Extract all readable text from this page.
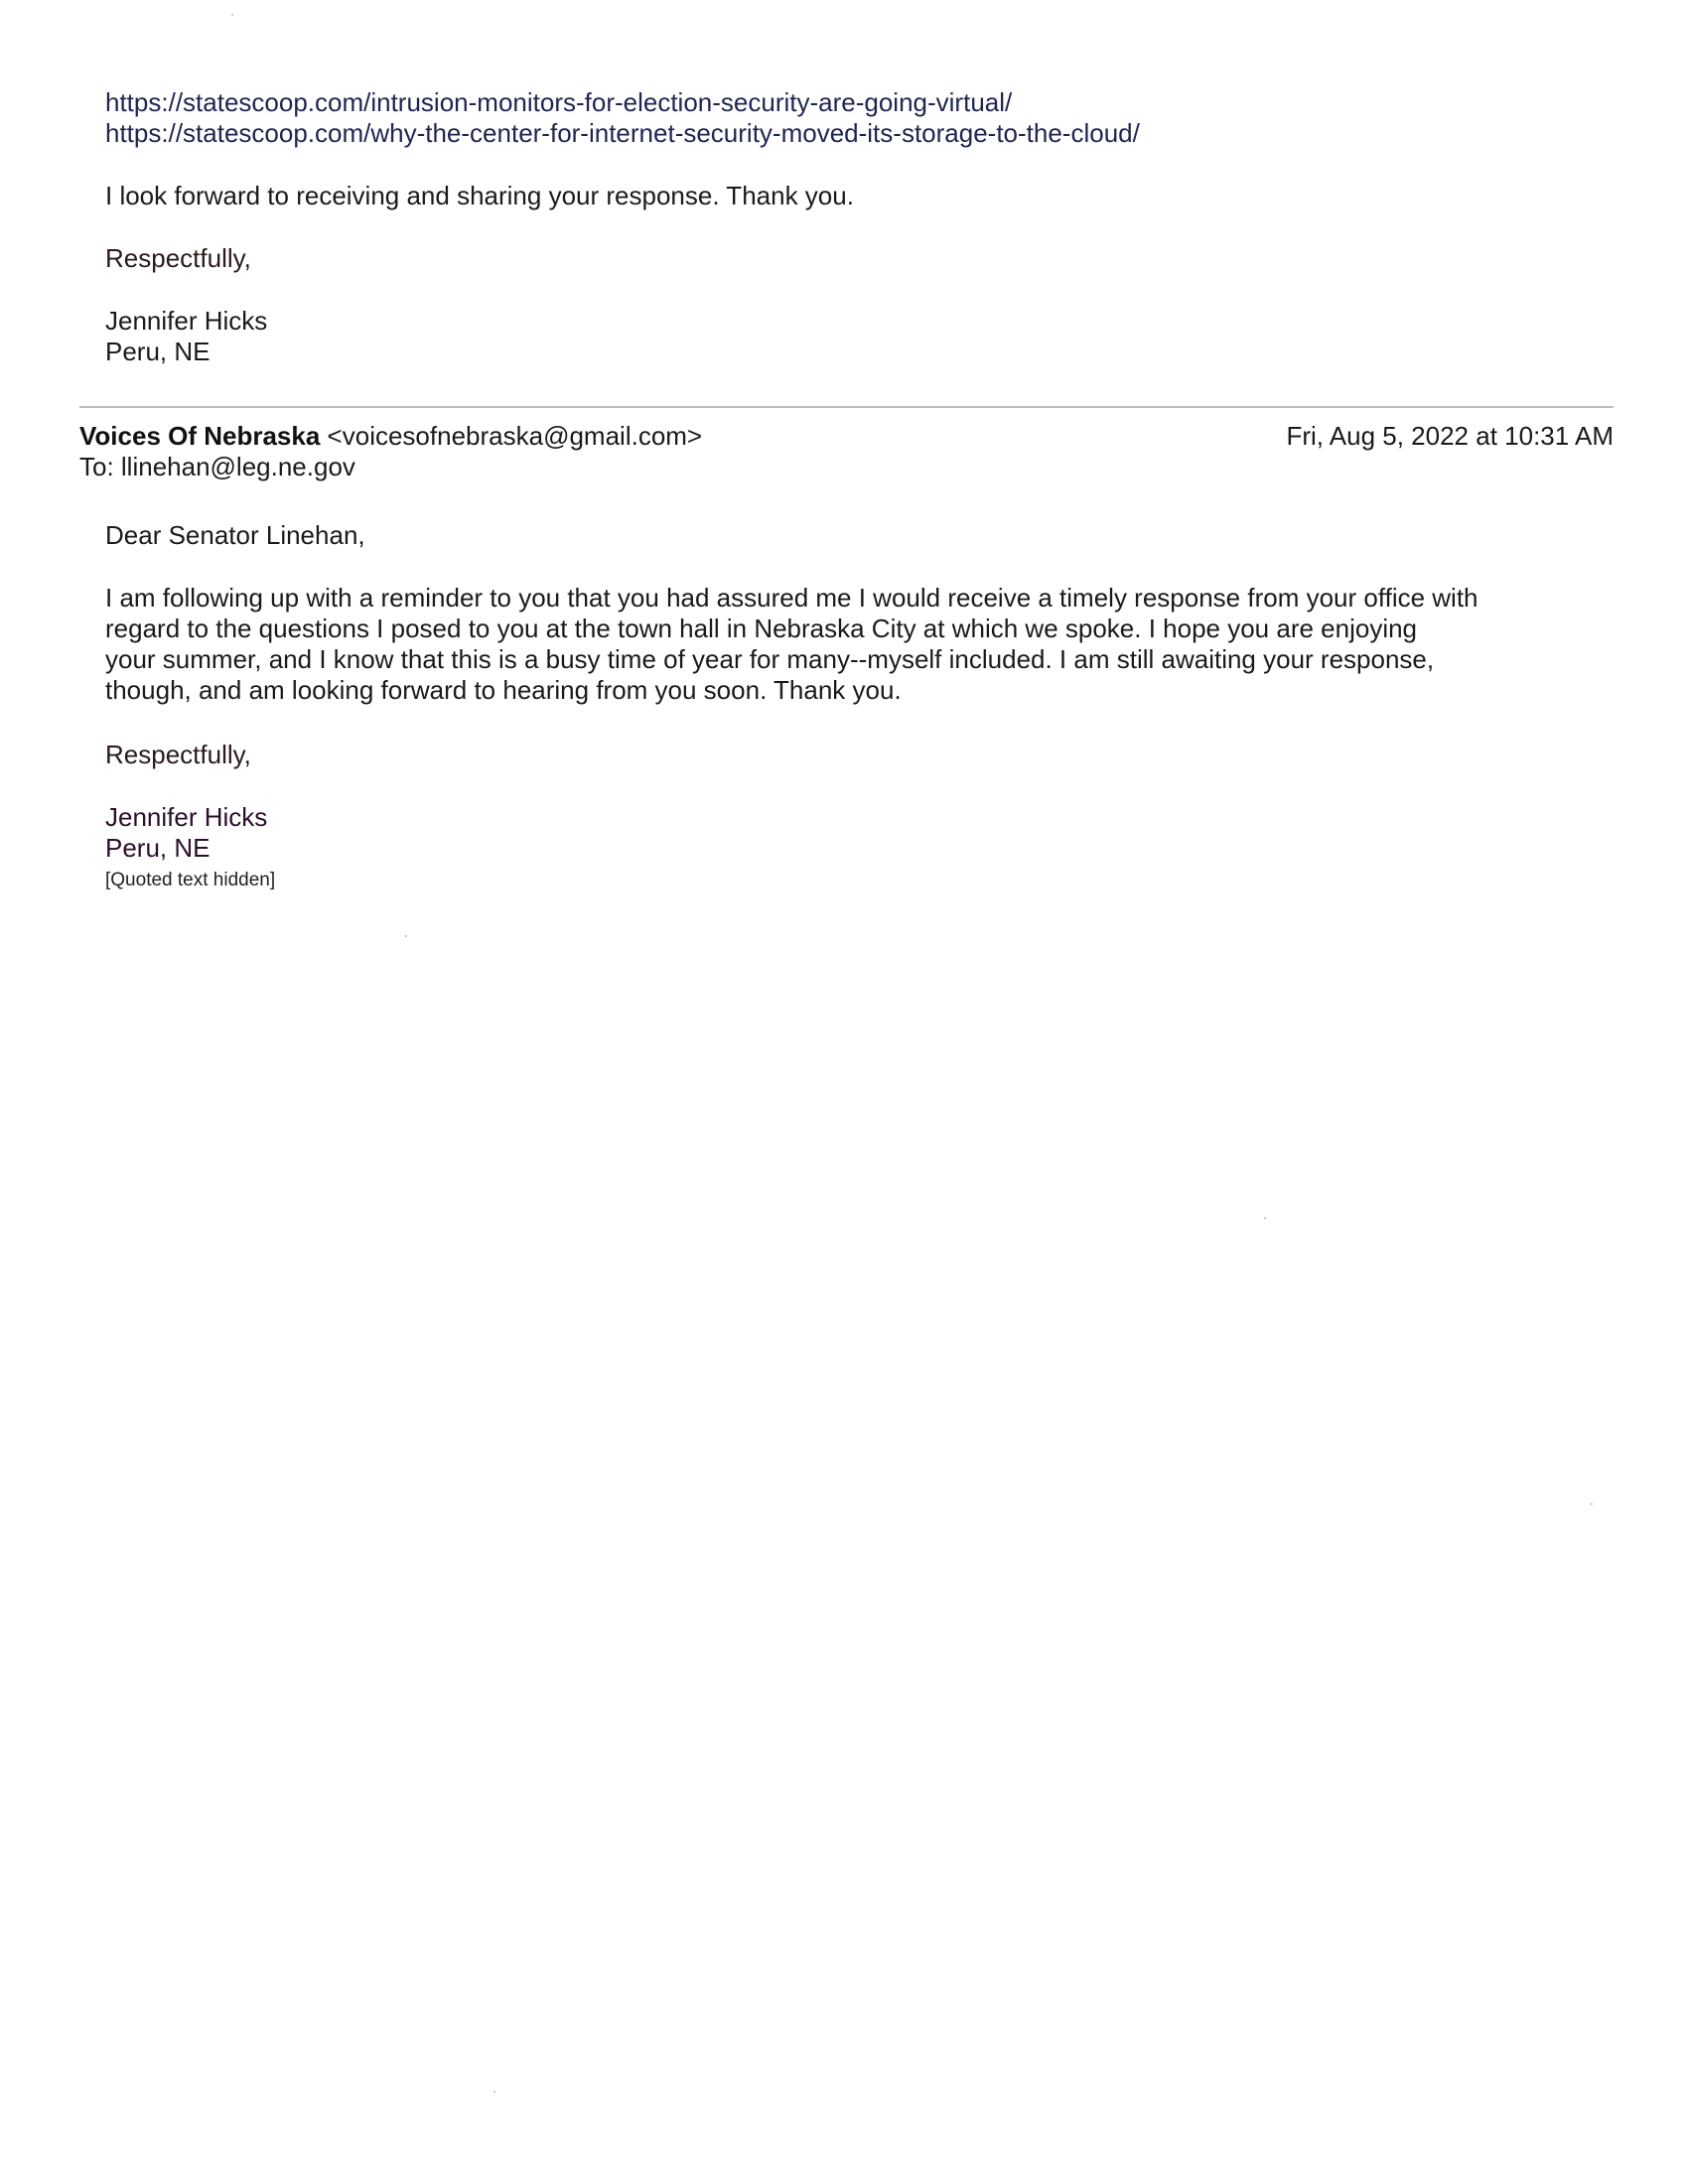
https://statescoop.com/intrusion-monitors-for-election-security-are-going-virtual/
https://statescoop.com/why-the-center-for-internet-security-moved-its-storage-to-the-cloud/
I look forward to receiving and sharing your response. Thank you.
Respectfully,
Jennifer Hicks
Peru, NE
Voices Of Nebraska <voicesofnebraska@gmail.com>
To: llinehan@leg.ne.gov
Fri, Aug 5, 2022 at 10:31 AM
Dear Senator Linehan,
I am following up with a reminder to you that you had assured me I would receive a timely response from your office with
regard to the questions I posed to you at the town hall in Nebraska City at which we spoke. I hope you are enjoying
your summer, and I know that this is a busy time of year for many--myself included. I am still awaiting your response,
though, and am looking forward to hearing from you soon. Thank you.
Respectfully,
Jennifer Hicks
Peru, NE
[Quoted text hidden]
